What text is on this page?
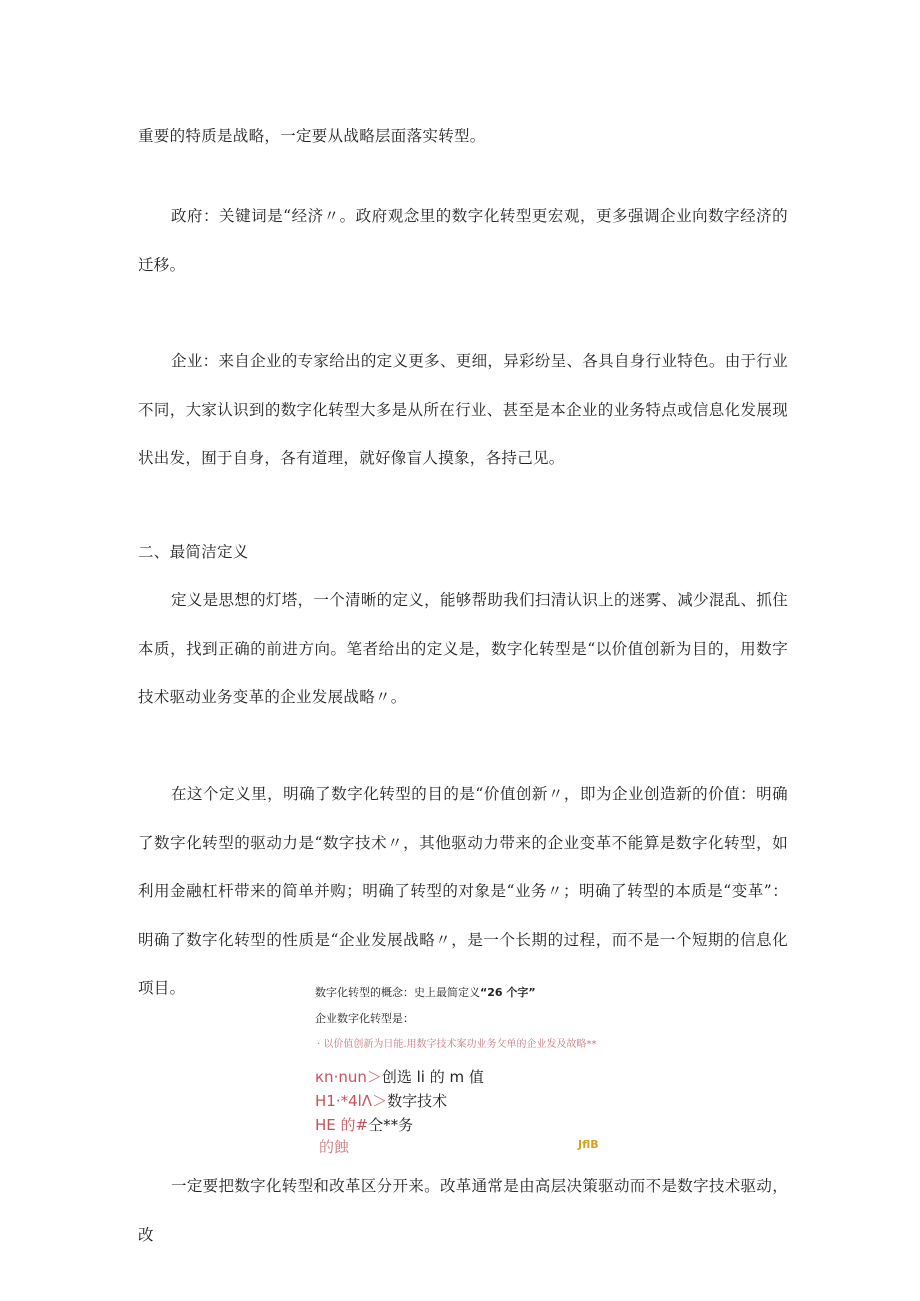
重要的特质是战略，一定要从战略层面落实转型。

政府：关键词是“经济〃。政府观念里的数字化转型更宏观，更多强调企业向数字经济的迁移。

企业：来自企业的专家给出的定义更多、更细，异彩纷呈、各具自身行业特色。由于行业不同，大家认识到的数字化转型大多是从所在行业、甚至是本企业的业务特点或信息化发展现状出发，囿于自身，各有道理，就好像盲人摸象，各持己见。

二、最简洁定义

定义是思想的灯塔，一个清晰的定义，能够帮助我们扫清认识上的迷雾、减少混乱、抓住本质，找到正确的前进方向。笔者给出的定义是，数字化转型是“以价值创新为目的，用数字技术驱动业务变革的企业发展战略〃。

在这个定义里，明确了数字化转型的目的是“价值创新〃，即为企业创造新的价值：明确了数字化转型的驱动力是“数字技术〃，其他驱动力带来的企业变革不能算是数字化转型，如利用金融杠杆带来的简单并购；明确了转型的对象是“业务〃；明确了转型的本质是“变革”：明确了数字化转型的性质是“企业发展战略〃，是一个长期的过程，而不是一个短期的信息化项目。	数字化转型的概念：史上最简定义“26 个字”
企业数字化转型是：
· 以价值创新为日能.用数字技术案功业务攵单的企业发及故略**
кn·nun＞创选 li 的 m 值
H1·*4lΛ＞数字技术
HE 的#仝**务
的蝕	JflB

一定要把数字化转型和改革区分开来。改革通常是由高层决策驱动而不是数字技术驱动，改
